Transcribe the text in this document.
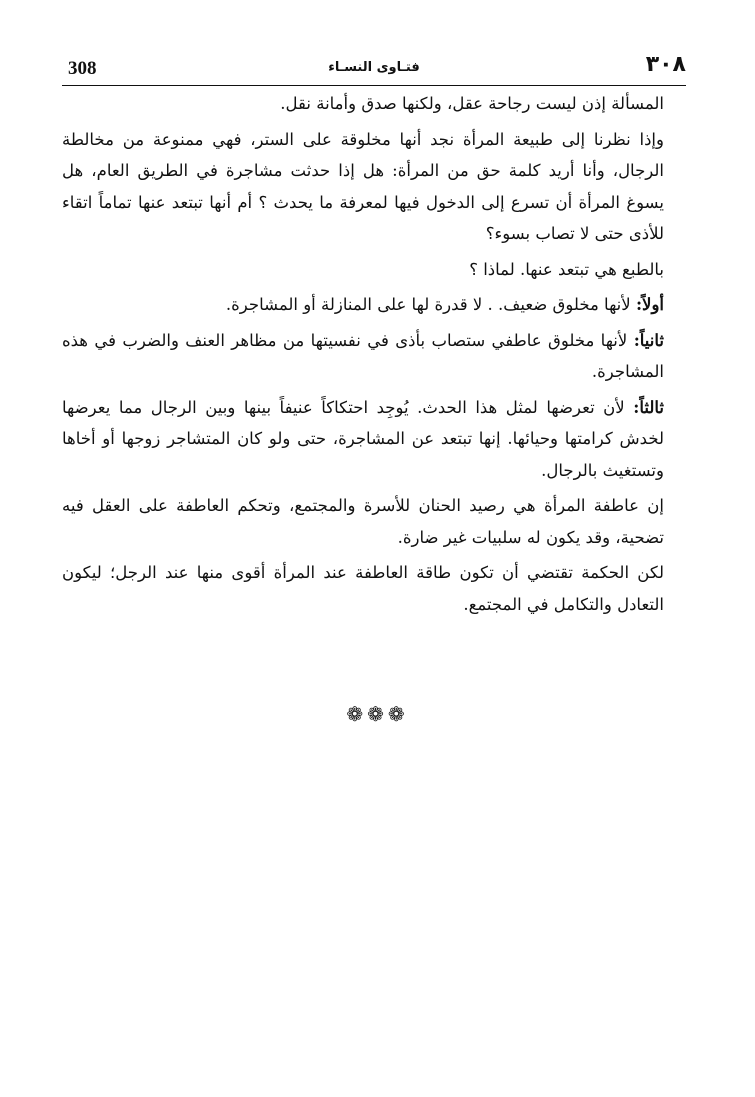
308	فتـاوى النسـاء	٣٠٨

المسألة إذن ليست رجاحة عقل، ولكنها صدق وأمانة نقل.

وإذا نظرنا إلى طبيعة المرأة نجد أنها مخلوقة على الستر، فهي ممنوعة من مخالطة الرجال، وأنا أريد كلمة حق من المرأة: هل إذا حدثت مشاجرة في الطريق العام، هل يسوغ المرأة أن تسرع إلى الدخول فيها لمعرفة ما يحدث ؟ أم أنها تبتعد عنها تماماً اتقاء للأذى حتى لا تصاب بسوء؟

بالطبع هي تبتعد عنها. لماذا ؟

أولاً: لأنها مخلوق ضعيف. . لا قدرة لها على المنازلة أو المشاجرة.

ثانياً: لأنها مخلوق عاطفي ستصاب بأذى في نفسيتها من مظاهر العنف والضرب في هذه المشاجرة.

ثالثاً: لأن تعرضها لمثل هذا الحدث. يُوجِد احتكاكاً عنيفاً بينها وبين الرجال مما يعرضها لخدش كرامتها وحيائها. إنها تبتعد عن المشاجرة، حتى ولو كان المتشاجر زوجها أو أخاها وتستغيث بالرجال.

إن عاطفة المرأة هي رصيد الحنان للأسرة والمجتمع، وتحكم العاطفة على العقل فيه تضحية، وقد يكون له سلبيات غير ضارة.

لكن الحكمة تقتضي أن تكون طاقة العاطفة عند المرأة أقوى منها عند الرجل؛ ليكون التعادل والتكامل في المجتمع.

❁❁❁
